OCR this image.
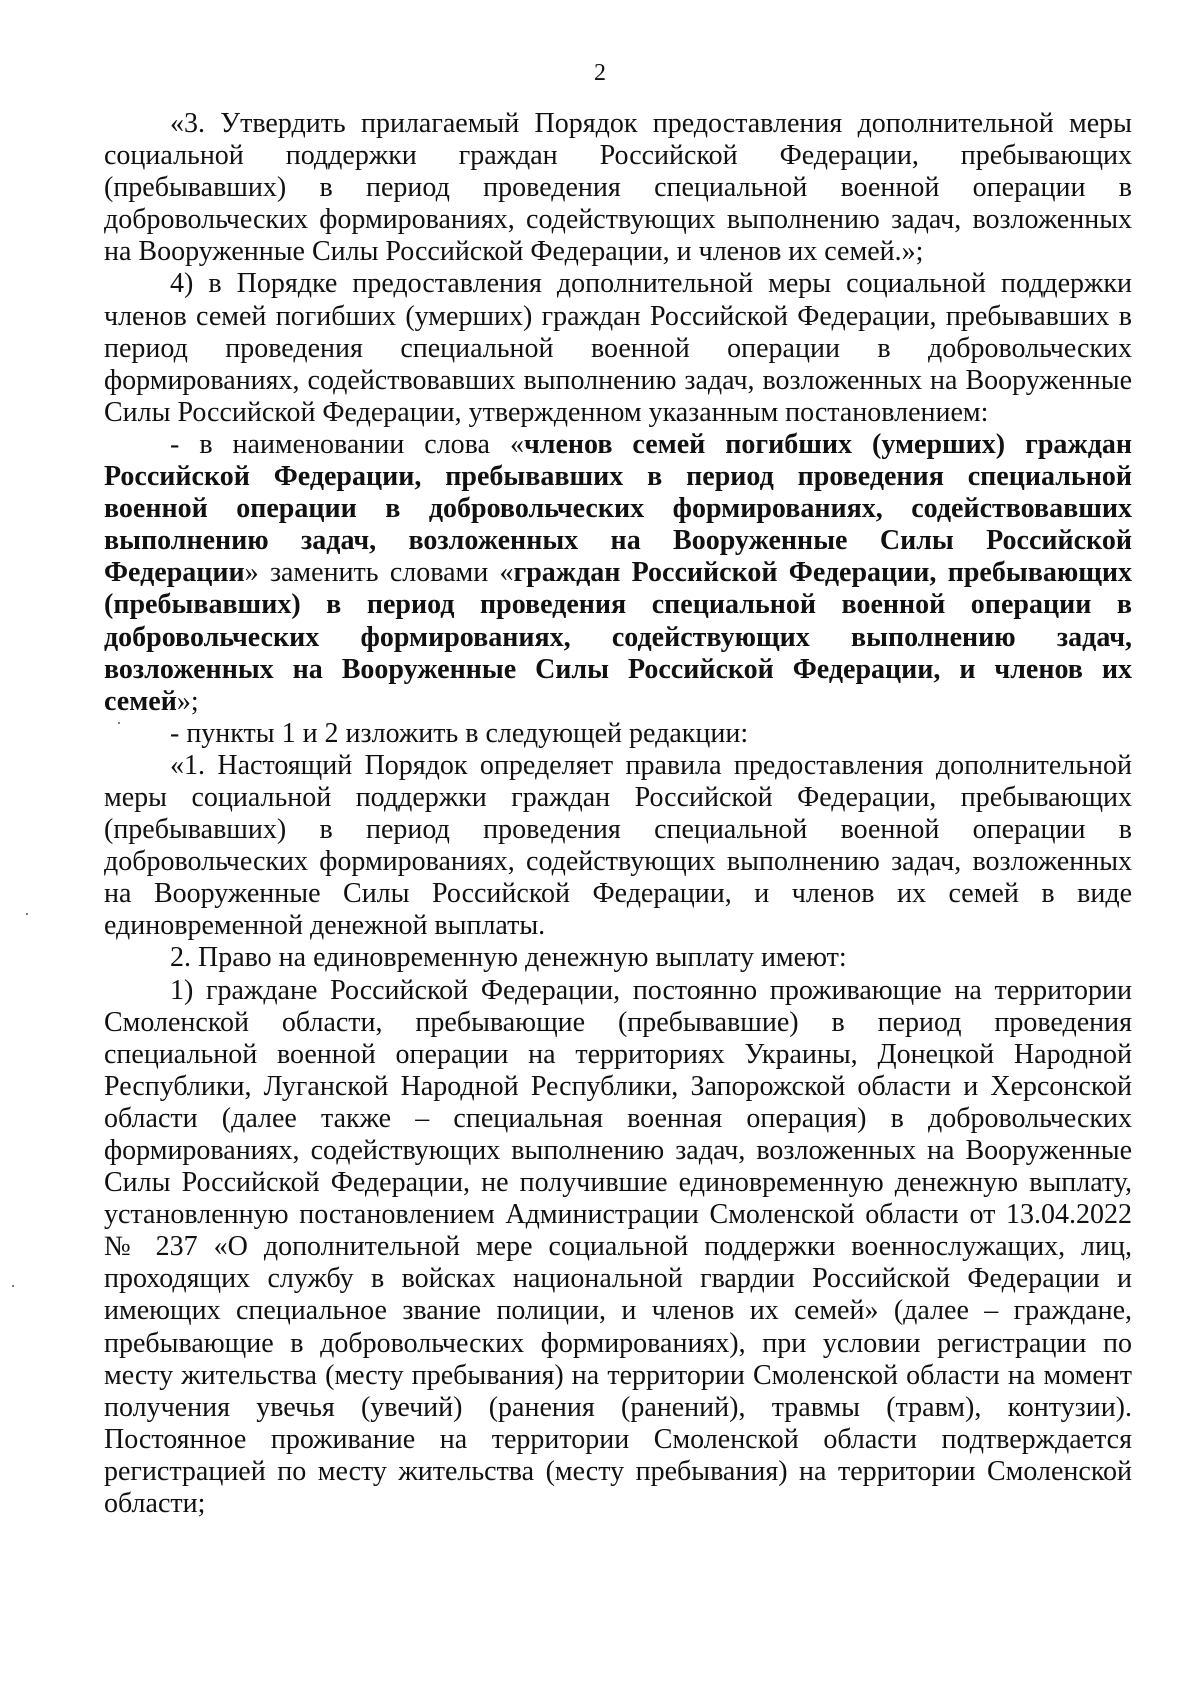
2

«3. Утвердить прилагаемый Порядок предоставления дополнительной меры социальной поддержки граждан Российской Федерации, пребывающих (пребывавших) в период проведения специальной военной операции в добровольческих формированиях, содействующих выполнению задач, возложенных на Вооруженные Силы Российской Федерации, и членов их семей.»;

4) в Порядке предоставления дополнительной меры социальной поддержки членов семей погибших (умерших) граждан Российской Федерации, пребывавших в период проведения специальной военной операции в добровольческих формированиях, содействовавших выполнению задач, возложенных на Вооруженные Силы Российской Федерации, утвержденном указанным постановлением:

- в наименовании слова «членов семей погибших (умерших) граждан Российской Федерации, пребывавших в период проведения специальной военной операции в добровольческих формированиях, содействовавших выполнению задач, возложенных на Вооруженные Силы Российской Федерации» заменить словами «граждан Российской Федерации, пребывающих (пребывавших) в период проведения специальной военной операции в добровольческих формированиях, содействующих выполнению задач, возложенных на Вооруженные Силы Российской Федерации, и членов их семей»;

- пункты 1 и 2 изложить в следующей редакции:

«1. Настоящий Порядок определяет правила предоставления дополнительной меры социальной поддержки граждан Российской Федерации, пребывающих (пребывавших) в период проведения специальной военной операции в добровольческих формированиях, содействующих выполнению задач, возложенных на Вооруженные Силы Российской Федерации, и членов их семей в виде единовременной денежной выплаты.

2. Право на единовременную денежную выплату имеют:

1) граждане Российской Федерации, постоянно проживающие на территории Смоленской области, пребывающие (пребывавшие) в период проведения специальной военной операции на территориях Украины, Донецкой Народной Республики, Луганской Народной Республики, Запорожской области и Херсонской области (далее также – специальная военная операция) в добровольческих формированиях, содействующих выполнению задач, возложенных на Вооруженные Силы Российской Федерации, не получившие единовременную денежную выплату, установленную постановлением Администрации Смоленской области от 13.04.2022 № 237 «О дополнительной мере социальной поддержки военнослужащих, лиц, проходящих службу в войсках национальной гвардии Российской Федерации и имеющих специальное звание полиции, и членов их семей» (далее – граждане, пребывающие в добровольческих формированиях), при условии регистрации по месту жительства (месту пребывания) на территории Смоленской области на момент получения увечья (увечий) (ранения (ранений), травмы (травм), контузии). Постоянное проживание на территории Смоленской области подтверждается регистрацией по месту жительства (месту пребывания) на территории Смоленской области;
